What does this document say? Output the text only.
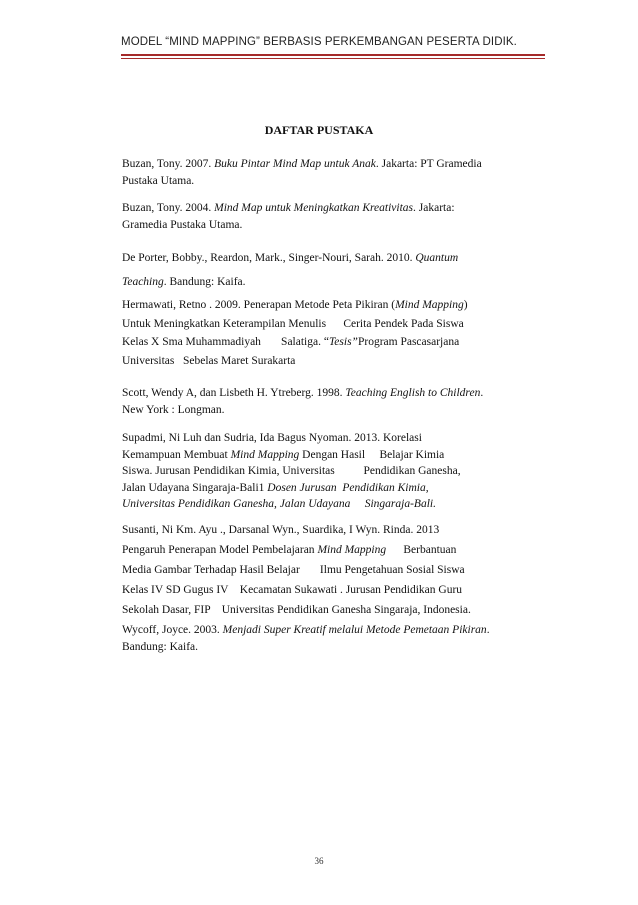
MODEL “MIND MAPPING” BERBASIS PERKEMBANGAN PESERTA DIDIK.
DAFTAR PUSTAKA
Buzan, Tony. 2007. Buku Pintar Mind Map untuk Anak. Jakarta: PT Gramedia
Pustaka Utama.
Buzan, Tony. 2004. Mind Map untuk Meningkatkan Kreativitas. Jakarta:
Gramedia Pustaka Utama.
De Porter, Bobby., Reardon, Mark., Singer-Nouri, Sarah. 2010. Quantum
Teaching. Bandung: Kaifa.
Hermawati, Retno . 2009. Penerapan Metode Peta Pikiran (Mind Mapping)
Untuk Meningkatkan Keterampilan Menulis      Cerita Pendek Pada Siswa
Kelas X Sma Muhammadiyah       Salatiga. “Tesis”Program Pascasarjana
Universitas   Sebelas Maret Surakarta
Scott, Wendy A, dan Lisbeth H. Ytreberg. 1998. Teaching English to Children.
New York : Longman.
Supadmi, Ni Luh dan Sudria, Ida Bagus Nyoman. 2013. Korelasi
Kemampuan Membuat Mind Mapping Dengan Hasil     Belajar Kimia
Siswa. Jurusan Pendidikan Kimia, Universitas          Pendidikan Ganesha,
Jalan Udayana Singaraja-Bali1 Dosen Jurusan  Pendidikan Kimia,
Universitas Pendidikan Ganesha, Jalan Udayana     Singaraja-Bali.
Susanti, Ni Km. Ayu ., Darsanal Wyn., Suardika, I Wyn. Rinda. 2013
Pengaruh Penerapan Model Pembelajaran Mind Mapping      Berbantuan
Media Gambar Terhadap Hasil Belajar       Ilmu Pengetahuan Sosial Siswa
Kelas IV SD Gugus IV    Kecamatan Sukawati . Jurusan Pendidikan Guru
Sekolah Dasar, FIP    Universitas Pendidikan Ganesha Singaraja, Indonesia.
Wycoff, Joyce. 2003. Menjadi Super Kreatif melalui Metode Pemetaan Pikiran.
Bandung: Kaifa.
36
